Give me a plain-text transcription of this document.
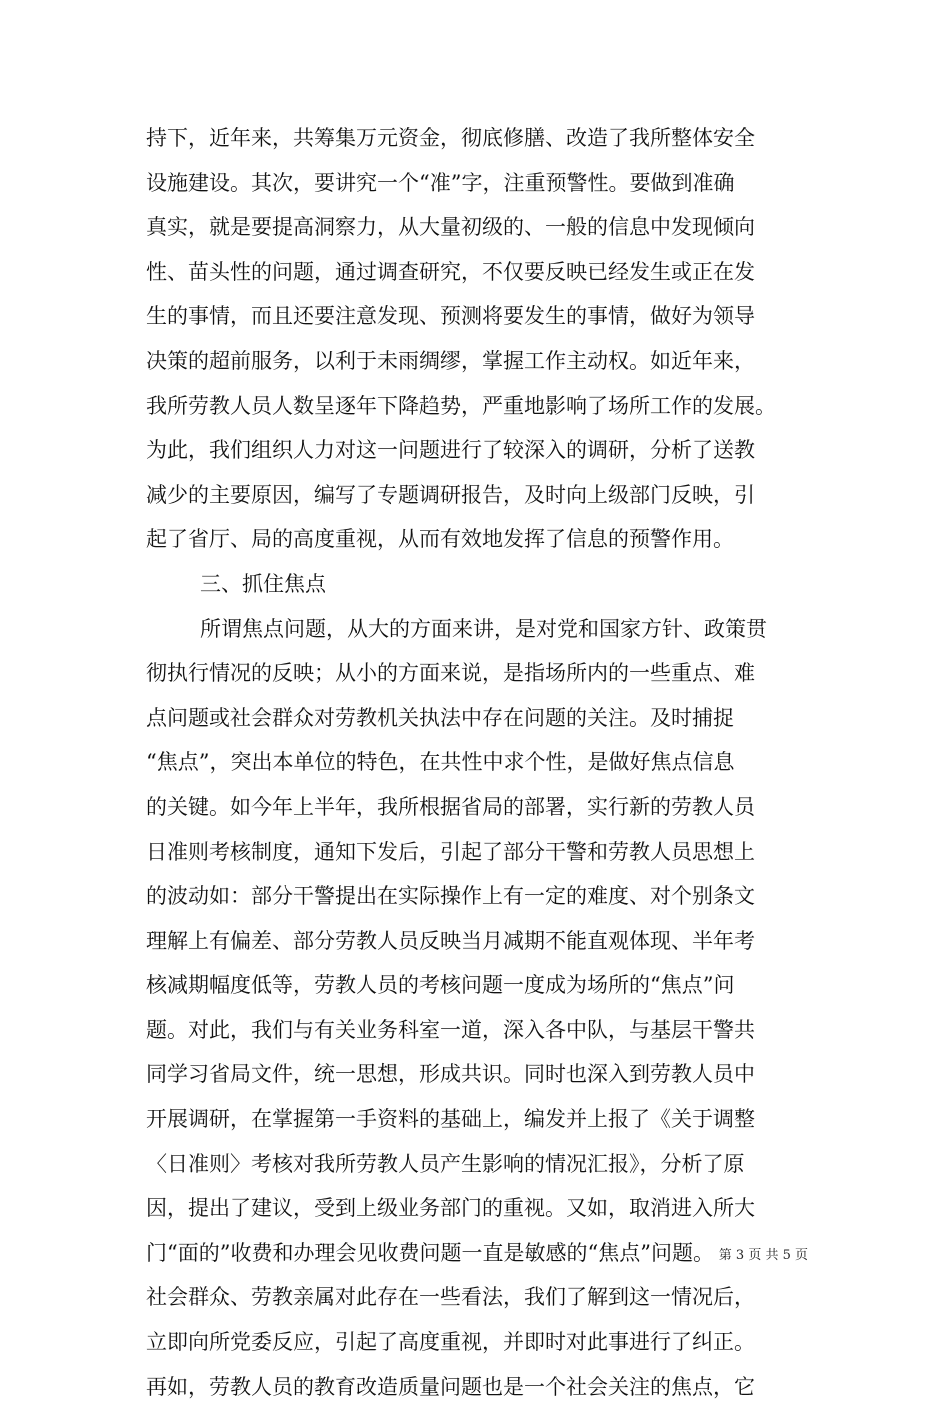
持下，近年来，共筹集万元资金，彻底修膳、改造了我所整体安全
设施建设。其次，要讲究一个“准”字，注重预警性。要做到准确
真实，就是要提高洞察力，从大量初级的、一般的信息中发现倾向
性、苗头性的问题，通过调查研究，不仅要反映已经发生或正在发
生的事情，而且还要注意发现、预测将要发生的事情，做好为领导
决策的超前服务，以利于未雨绸缪，掌握工作主动权。如近年来，
我所劳教人员人数呈逐年下降趋势，严重地影响了场所工作的发展。
为此，我们组织人力对这一问题进行了较深入的调研，分析了送教
减少的主要原因，编写了专题调研报告，及时向上级部门反映，引
起了省厅、局的高度重视，从而有效地发挥了信息的预警作用。
三、抓住焦点
所谓焦点问题，从大的方面来讲，是对党和国家方针、政策贯
彻执行情况的反映；从小的方面来说，是指场所内的一些重点、难
点问题或社会群众对劳教机关执法中存在问题的关注。及时捕捉
“焦点”，突出本单位的特色，在共性中求个性，是做好焦点信息
的关键。如今年上半年，我所根据省局的部署，实行新的劳教人员
日准则考核制度，通知下发后，引起了部分干警和劳教人员思想上
的波动如：部分干警提出在实际操作上有一定的难度、对个别条文
理解上有偏差、部分劳教人员反映当月减期不能直观体现、半年考
核减期幅度低等，劳教人员的考核问题一度成为场所的“焦点”问
题。对此，我们与有关业务科室一道，深入各中队，与基层干警共
同学习省局文件，统一思想，形成共识。同时也深入到劳教人员中
开展调研，在掌握第一手资料的基础上，编发并上报了《关于调整
〈日准则〉考核对我所劳教人员产生影响的情况汇报》，分析了原
因，提出了建议，受到上级业务部门的重视。又如，取消进入所大
门“面的”收费和办理会见收费问题一直是敏感的“焦点”问题。
社会群众、劳教亲属对此存在一些看法，我们了解到这一情况后，
立即向所党委反应，引起了高度重视，并即时对此事进行了纠正。
再如，劳教人员的教育改造质量问题也是一个社会关注的焦点，它
第 3 页 共 5 页
